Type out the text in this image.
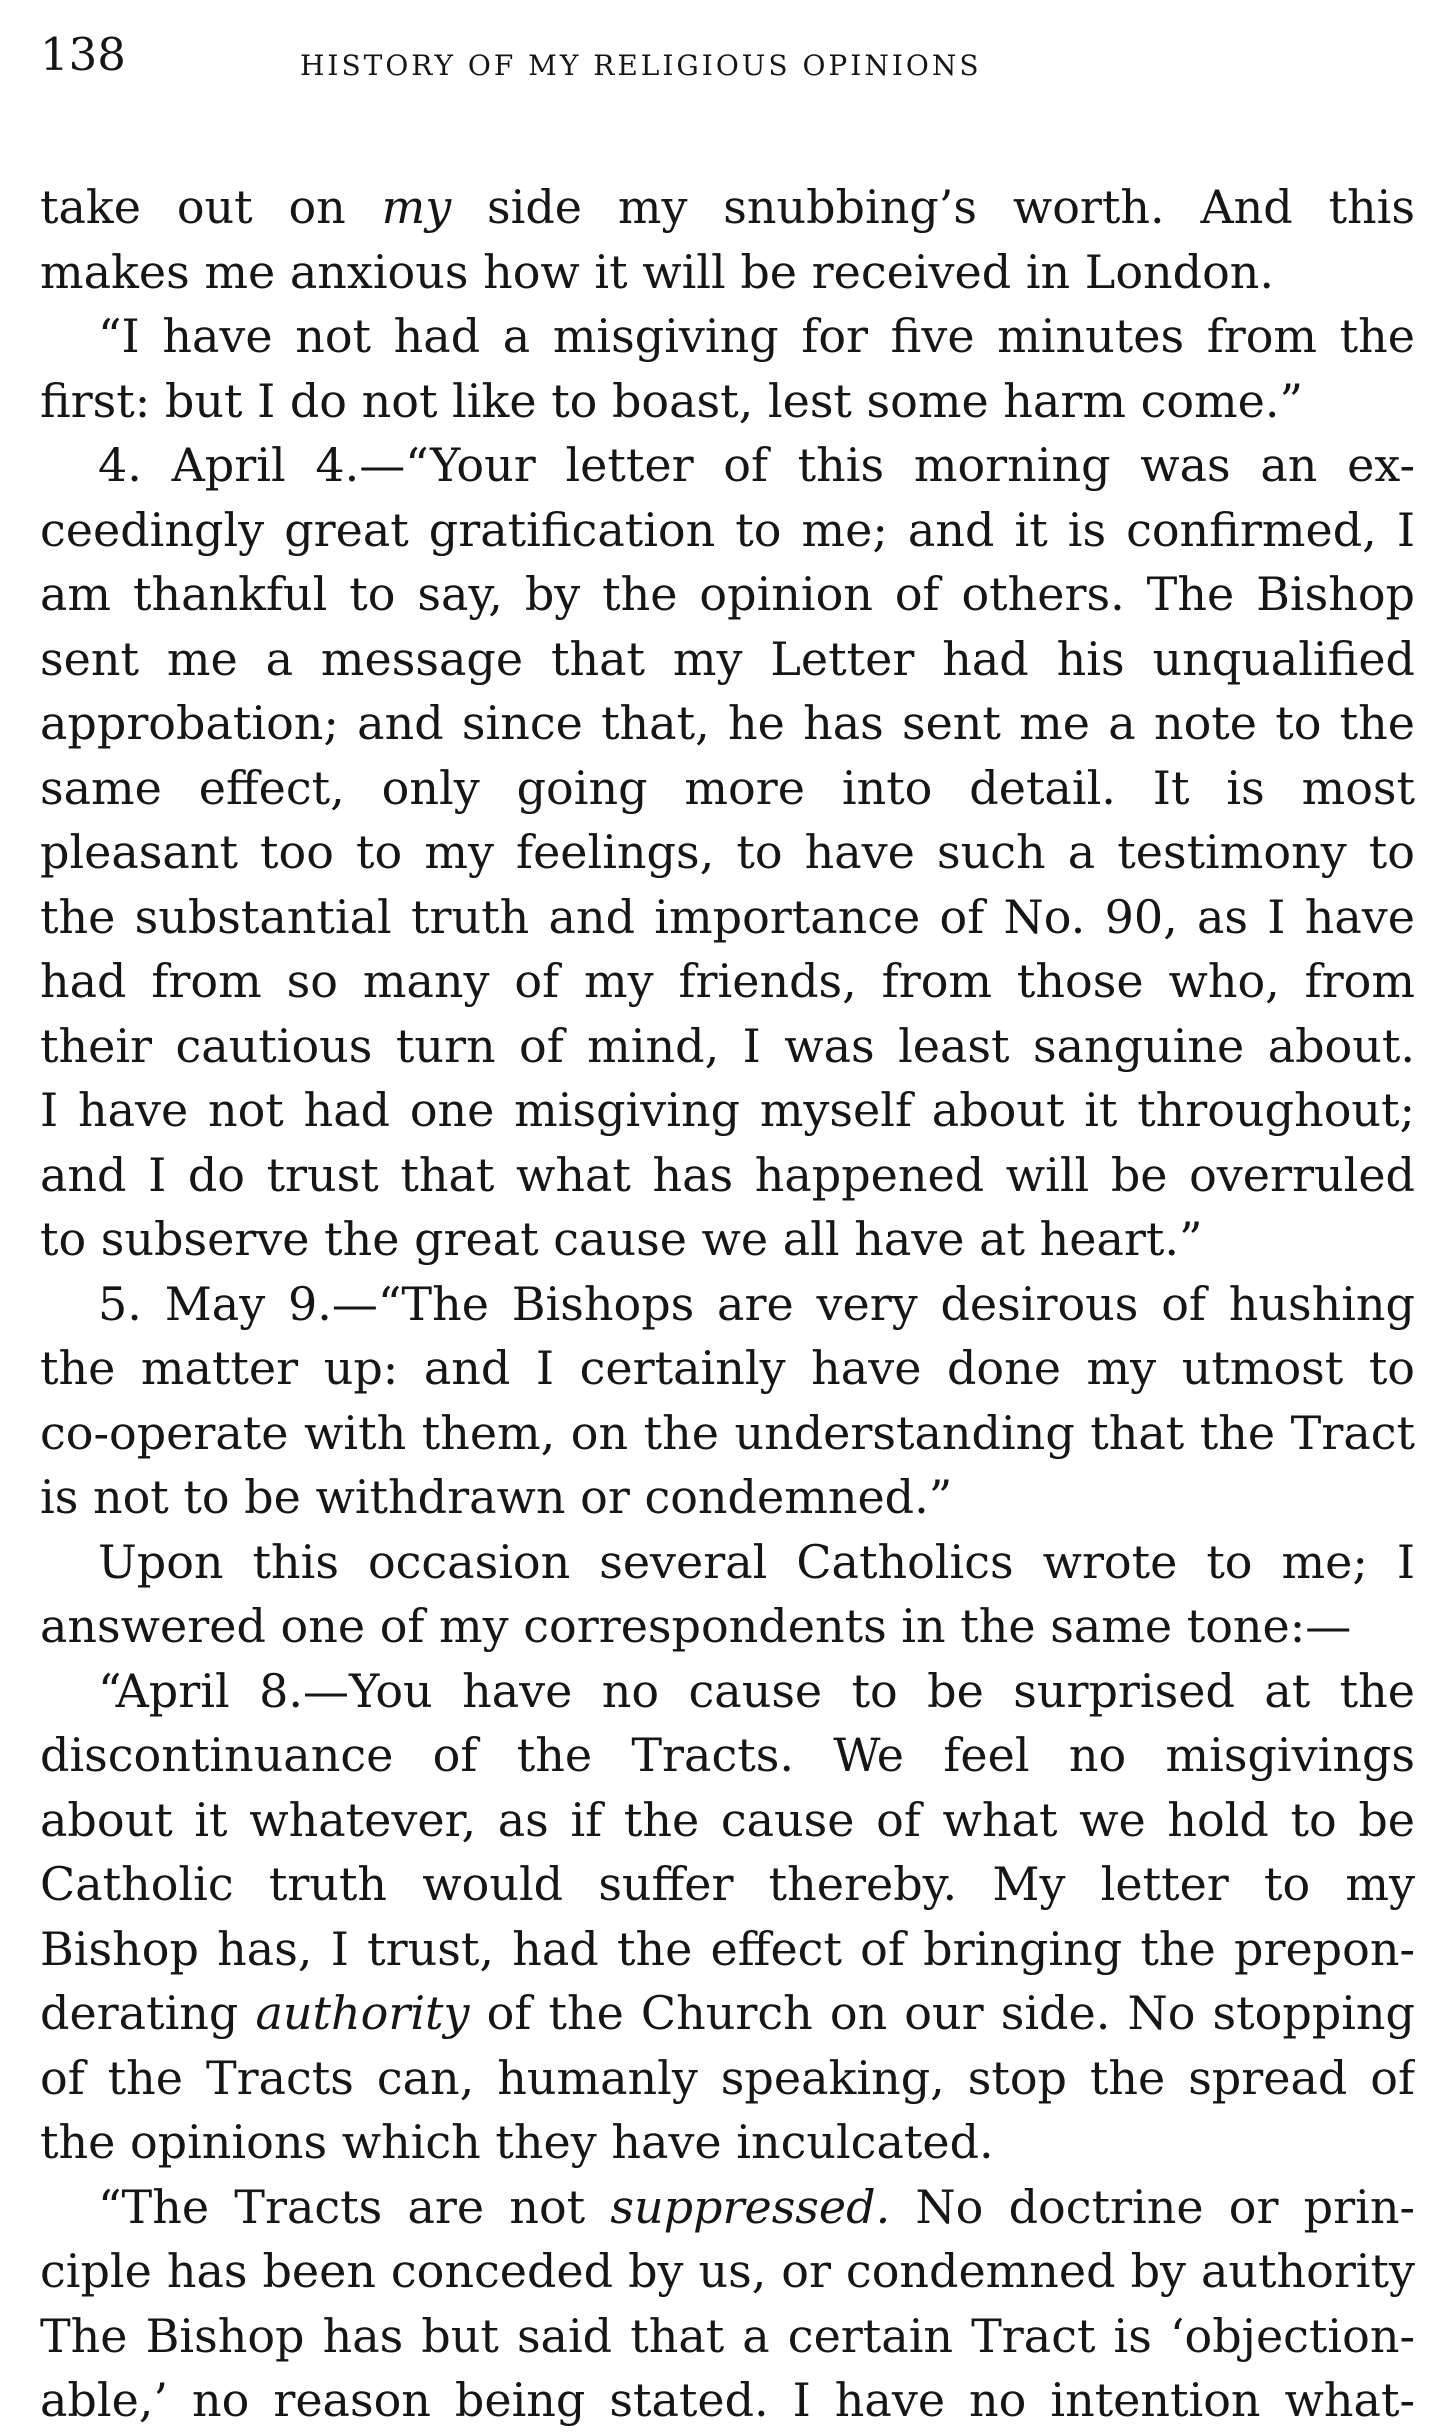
138	HISTORY OF MY RELIGIOUS OPINIONS
take out on my side my snubbing’s worth. And this
makes me anxious how it will be received in London.
“I have not had a misgiving for five minutes from the
first: but I do not like to boast, lest some harm come.”
4. April 4.—“Your letter of this morning was an ex-
ceedingly great gratification to me; and it is confirmed, I
am thankful to say, by the opinion of others. The Bishop
sent me a message that my Letter had his unqualified
approbation; and since that, he has sent me a note to the
same effect, only going more into detail. It is most
pleasant too to my feelings, to have such a testimony to
the substantial truth and importance of No. 90, as I have
had from so many of my friends, from those who, from
their cautious turn of mind, I was least sanguine about.
I have not had one misgiving myself about it throughout;
and I do trust that what has happened will be overruled
to subserve the great cause we all have at heart.”
5. May 9.—“The Bishops are very desirous of hushing
the matter up: and I certainly have done my utmost to
co-operate with them, on the understanding that the Tract
is not to be withdrawn or condemned.”
Upon this occasion several Catholics wrote to me; I
answered one of my correspondents in the same tone:—
“April 8.—You have no cause to be surprised at the
discontinuance of the Tracts. We feel no misgivings
about it whatever, as if the cause of what we hold to be
Catholic truth would suffer thereby. My letter to my
Bishop has, I trust, had the effect of bringing the prepon-
derating authority of the Church on our side. No stopping
of the Tracts can, humanly speaking, stop the spread of
the opinions which they have inculcated.
“The Tracts are not suppressed. No doctrine or prin-
ciple has been conceded by us, or condemned by authority
The Bishop has but said that a certain Tract is ‘objection-
able,’ no reason being stated. I have no intention what-
